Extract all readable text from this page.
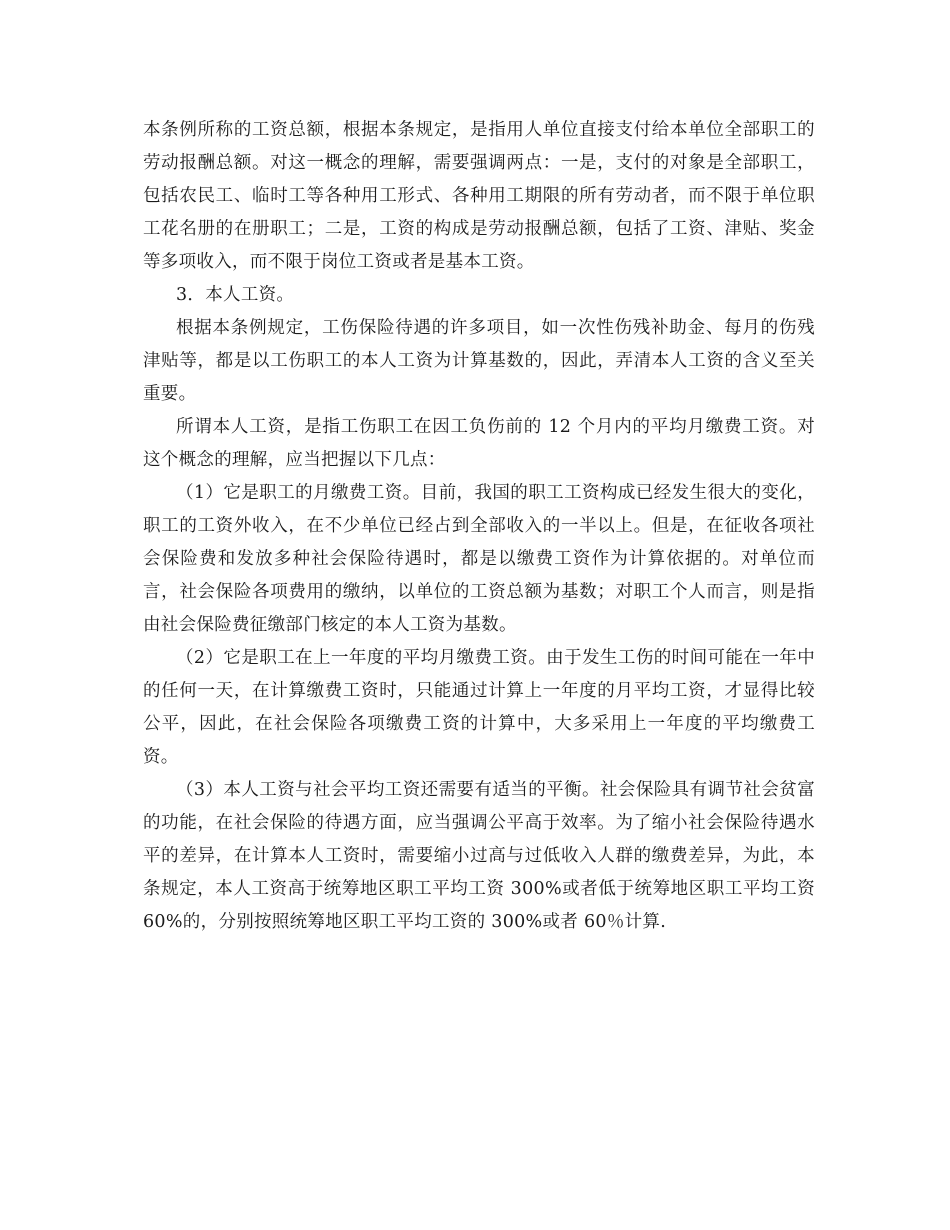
本条例所称的工资总额，根据本条规定，是指用人单位直接支付给本单位全部职工的劳动报酬总额。对这一概念的理解，需要强调两点：一是，支付的对象是全部职工，包括农民工、临时工等各种用工形式、各种用工期限的所有劳动者，而不限于单位职工花名册的在册职工；二是，工资的构成是劳动报酬总额，包括了工资、津贴、奖金等多项收入，而不限于岗位工资或者是基本工资。

3．本人工资。

根据本条例规定，工伤保险待遇的许多项目，如一次性伤残补助金、每月的伤残津贴等，都是以工伤职工的本人工资为计算基数的，因此，弄清本人工资的含义至关重要。

所谓本人工资，是指工伤职工在因工负伤前的 12 个月内的平均月缴费工资。对这个概念的理解，应当把握以下几点：

（1）它是职工的月缴费工资。目前，我国的职工工资构成已经发生很大的变化，职工的工资外收入，在不少单位已经占到全部收入的一半以上。但是，在征收各项社会保险费和发放多种社会保险待遇时，都是以缴费工资作为计算依据的。对单位而言，社会保险各项费用的缴纳，以单位的工资总额为基数；对职工个人而言，则是指由社会保险费征缴部门核定的本人工资为基数。

（2）它是职工在上一年度的平均月缴费工资。由于发生工伤的时间可能在一年中的任何一天，在计算缴费工资时，只能通过计算上一年度的月平均工资，才显得比较公平，因此，在社会保险各项缴费工资的计算中，大多采用上一年度的平均缴费工资。

（3）本人工资与社会平均工资还需要有适当的平衡。社会保险具有调节社会贫富的功能，在社会保险的待遇方面，应当强调公平高于效率。为了缩小社会保险待遇水平的差异，在计算本人工资时，需要缩小过高与过低收入人群的缴费差异，为此，本条规定，本人工资高于统筹地区职工平均工资 300%或者低于统筹地区职工平均工资 60%的，分别按照统筹地区职工平均工资的 300%或者 60％计算.
